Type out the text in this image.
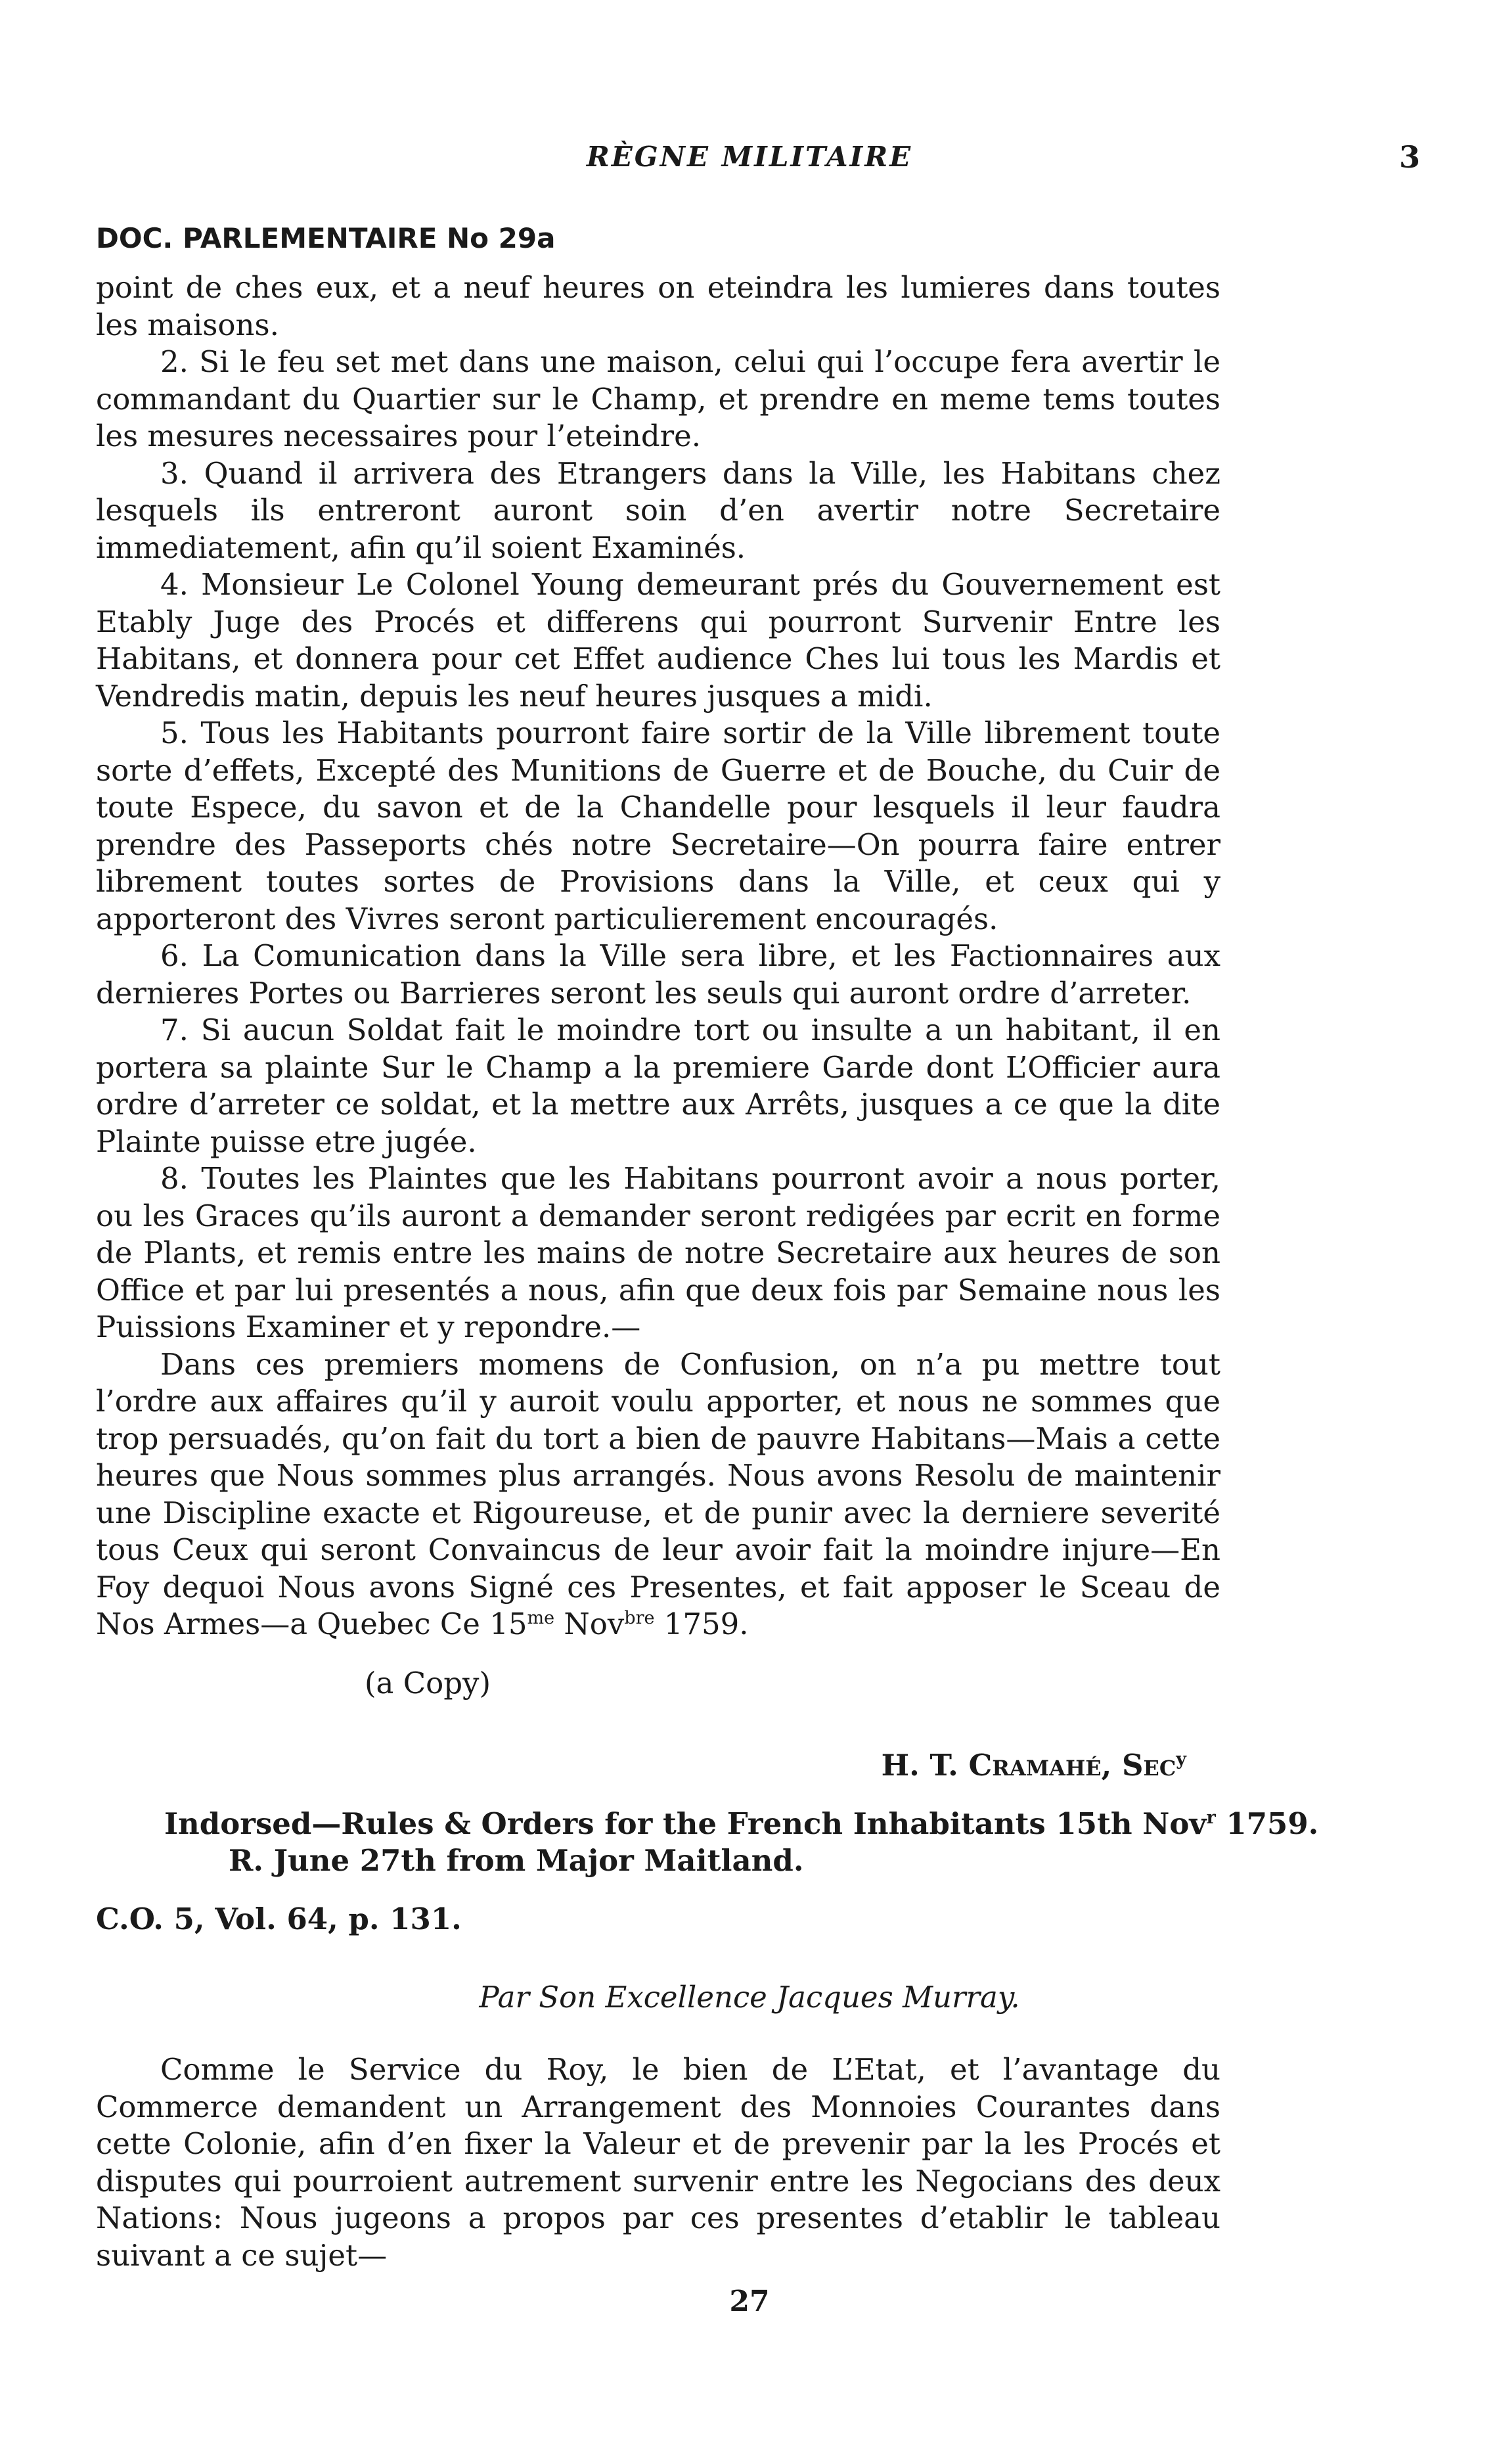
RÈGNE MILITAIRE	3
DOC. PARLEMENTAIRE No 29a

point de ches eux, et a neuf heures on eteindra les lumieres dans toutes les maisons.

2. Si le feu set met dans une maison, celui qui l’occupe fera avertir le commandant du Quartier sur le Champ, et prendre en meme tems toutes les mesures necessaires pour l’eteindre.

3. Quand il arrivera des Etrangers dans la Ville, les Habitans chez lesquels ils entreront auront soin d’en avertir notre Secretaire immediatement, afin qu’il soient Examinés.

4. Monsieur Le Colonel Young demeurant prés du Gouvernement est Etably Juge des Procés et differens qui pourront Survenir Entre les Habitans, et donnera pour cet Effet audience Ches lui tous les Mardis et Vendredis matin, depuis les neuf heures jusques a midi.

5. Tous les Habitants pourront faire sortir de la Ville librement toute sorte d’effets, Excepté des Munitions de Guerre et de Bouche, du Cuir de toute Espece, du savon et de la Chandelle pour lesquels il leur faudra prendre des Passeports chés notre Secretaire—On pourra faire entrer librement toutes sortes de Provisions dans la Ville, et ceux qui y apporteront des Vivres seront particulierement encouragés.

6. La Comunication dans la Ville sera libre, et les Factionnaires aux dernieres Portes ou Barrieres seront les seuls qui auront ordre d’arreter.

7. Si aucun Soldat fait le moindre tort ou insulte a un habitant, il en portera sa plainte Sur le Champ a la premiere Garde dont L’Officier aura ordre d’arreter ce soldat, et la mettre aux Arrêts, jusques a ce que la dite Plainte puisse etre jugée.

8. Toutes les Plaintes que les Habitans pourront avoir a nous porter, ou les Graces qu’ils auront a demander seront redigées par ecrit en forme de Plants, et remis entre les mains de notre Secretaire aux heures de son Office et par lui presentés a nous, afin que deux fois par Semaine nous les Puissions Examiner et y repondre.—

Dans ces premiers momens de Confusion, on n’a pu mettre tout l’ordre aux affaires qu’il y auroit voulu apporter, et nous ne sommes que trop persuadés, qu’on fait du tort a bien de pauvre Habitans—Mais a cette heures que Nous sommes plus arrangés. Nous avons Resolu de maintenir une Discipline exacte et Rigoureuse, et de punir avec la derniere severité tous Ceux qui seront Convaincus de leur avoir fait la moindre injure—En Foy dequoi Nous avons Signé ces Presentes, et fait apposer le Sceau de Nos Armes—a Quebec Ce $15^{me}$ Nov$^{bre}$ 1759.

(a Copy)
H. T. Cramahé, Sec$^y$
Indorsed—Rules & Orders for the French Inhabitants 15th Nov$^r$ 1759.
R. June 27th from Major Maitland.
C.O. 5, Vol. 64, p. 131.
Par Son Excellence Jacques Murray.

Comme le Service du Roy, le bien de L’Etat, et l’avantage du Commerce demandent un Arrangement des Monnoies Courantes dans cette Colonie, afin d’en fixer la Valeur et de prevenir par la les Procés et disputes qui pourroient autrement survenir entre les Negocians des deux Nations: Nous jugeons a propos par ces presentes d’etablir le tableau suivant a ce sujet—

27
